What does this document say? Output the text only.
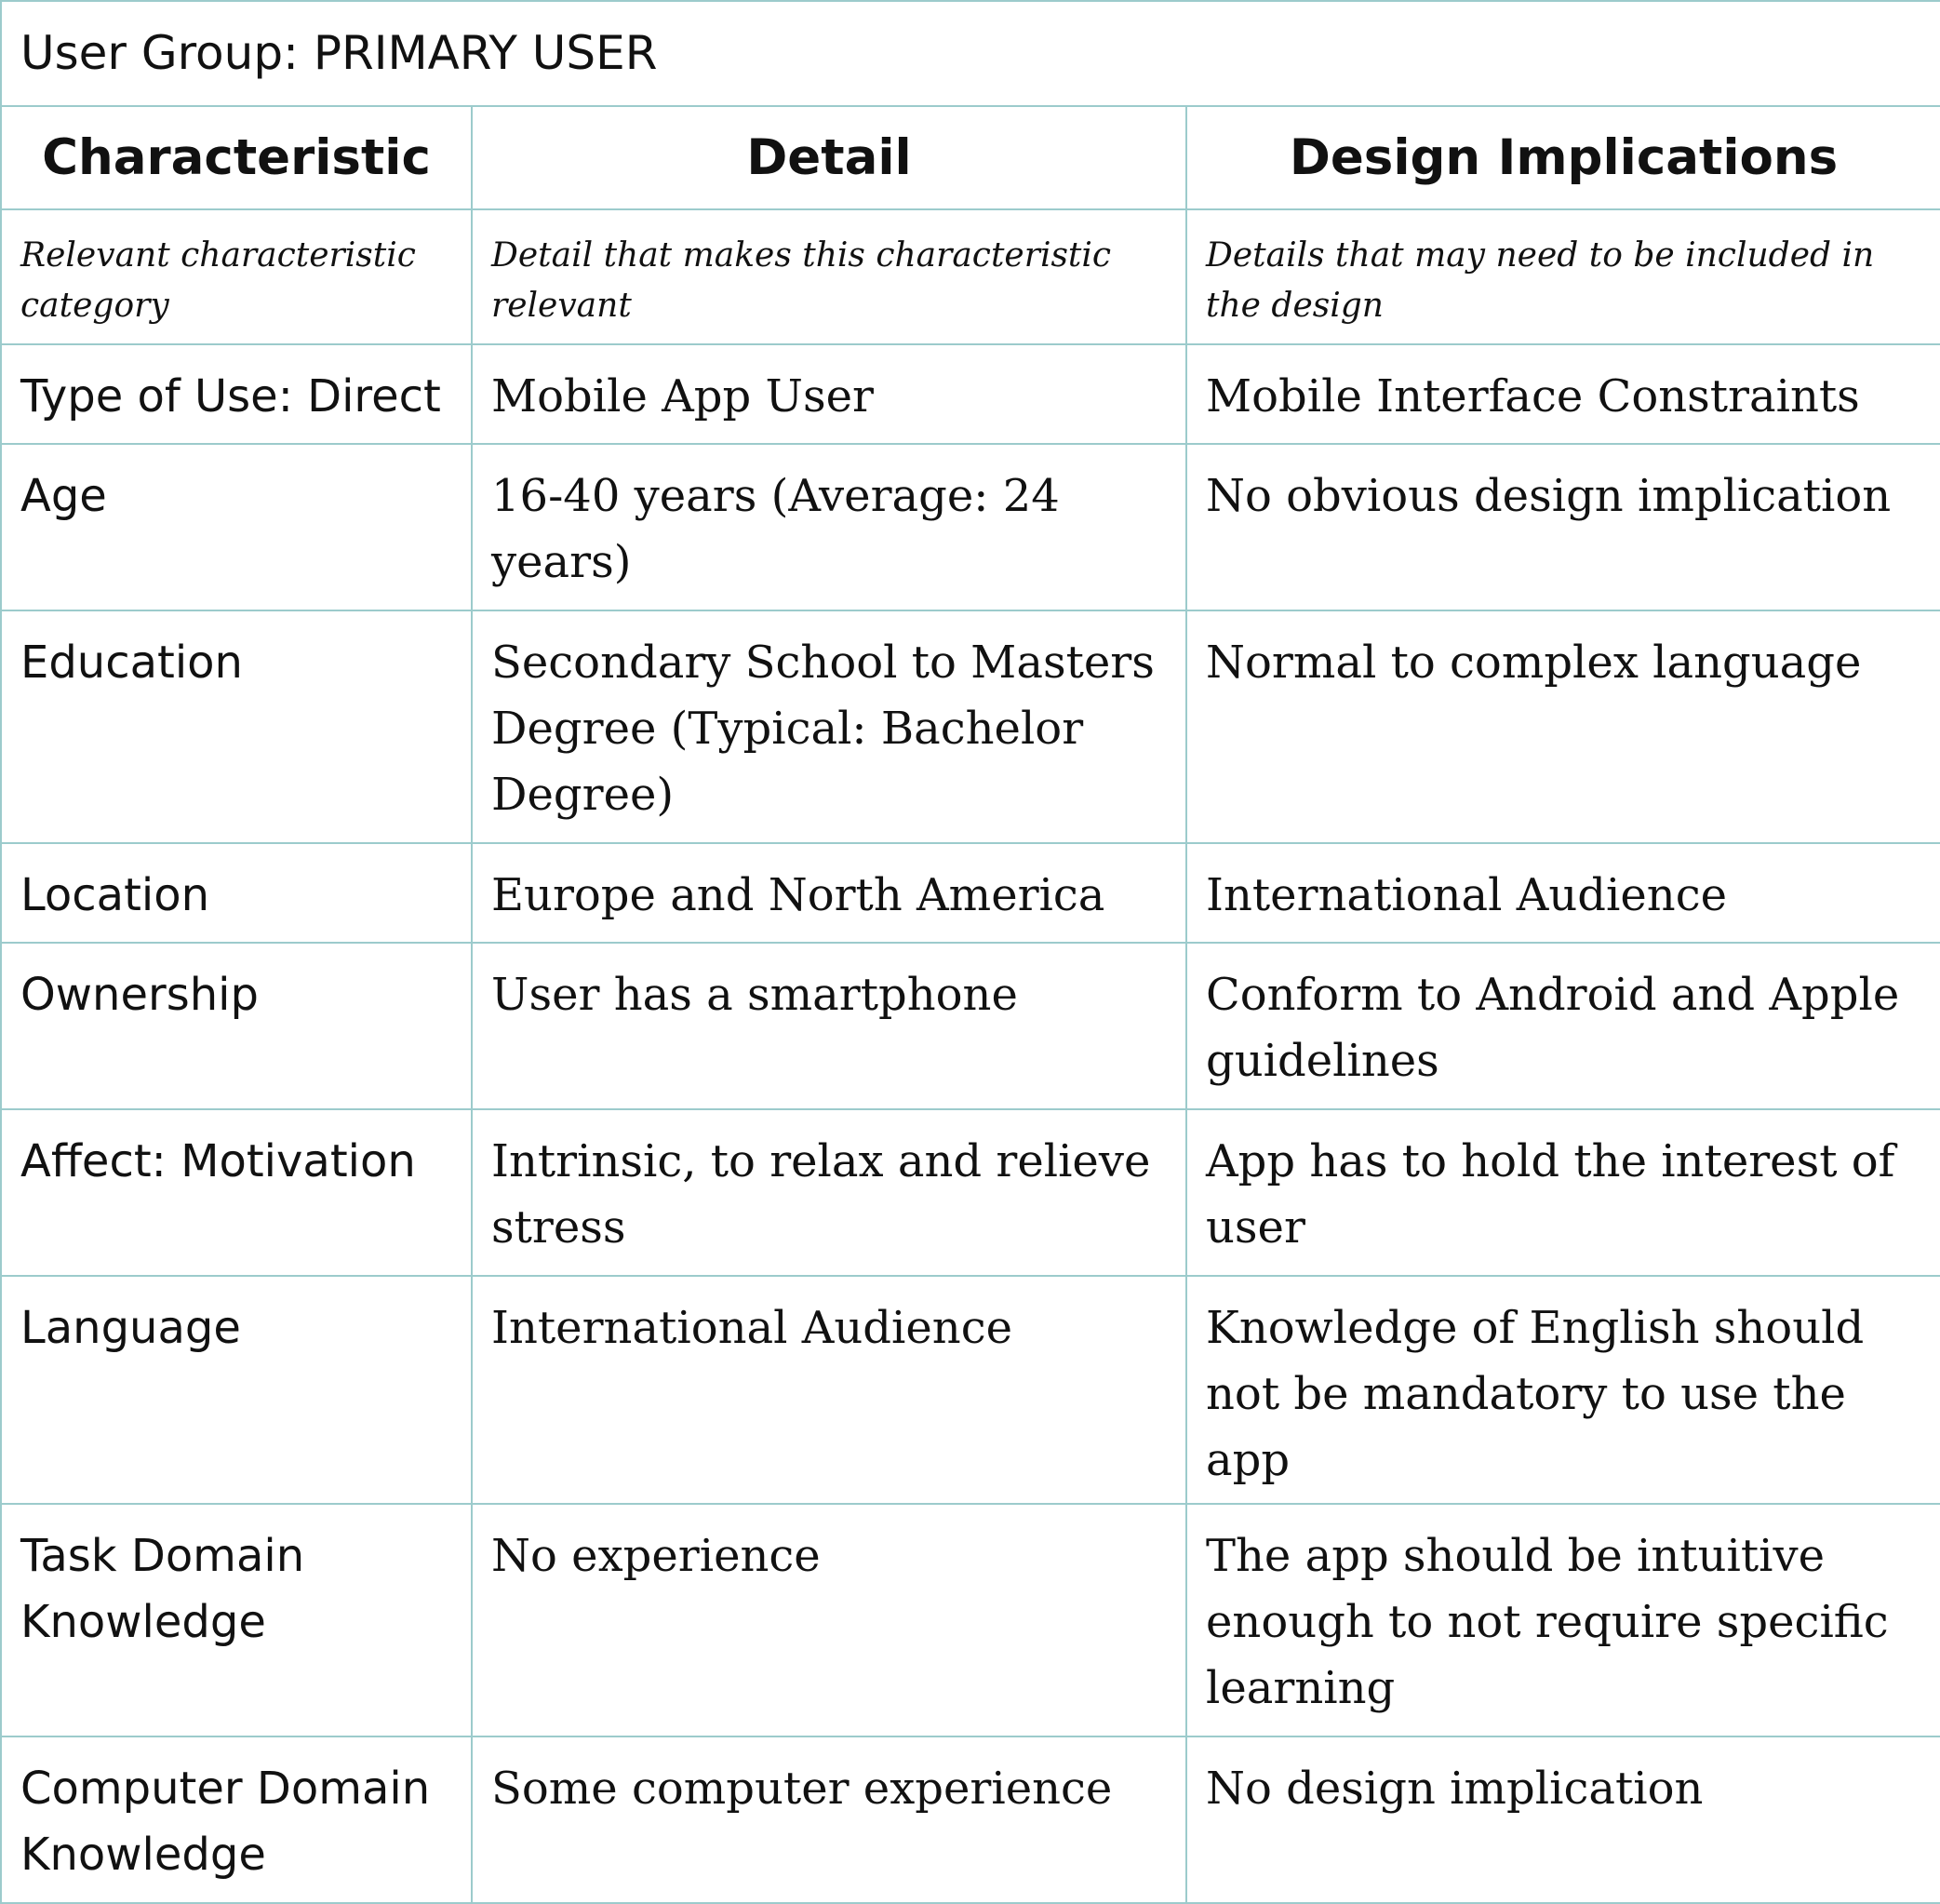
User Group: PRIMARY USER		
Characteristic	Detail	Design Implications
Relevant characteristic category	Detail that makes this characteristic relevant	Details that may need to be included in the design
Type of Use: Direct	Mobile App User	Mobile Interface Constraints
Age	16-40 years (Average: 24 years)	No obvious design implication
Education	Secondary School to Masters Degree (Typical: Bachelor Degree)	Normal to complex language
Location	Europe and North America	International Audience
Ownership	User has a smartphone	Conform to Android and Apple guidelines
Affect: Motivation	Intrinsic, to relax and relieve stress	App has to hold the interest of user
Language	International Audience	Knowledge of English should not be mandatory to use the app
Task Domain Knowledge	No experience	The app should be intuitive enough to not require specific learning
Computer Domain Knowledge	Some computer experience	No design implication
